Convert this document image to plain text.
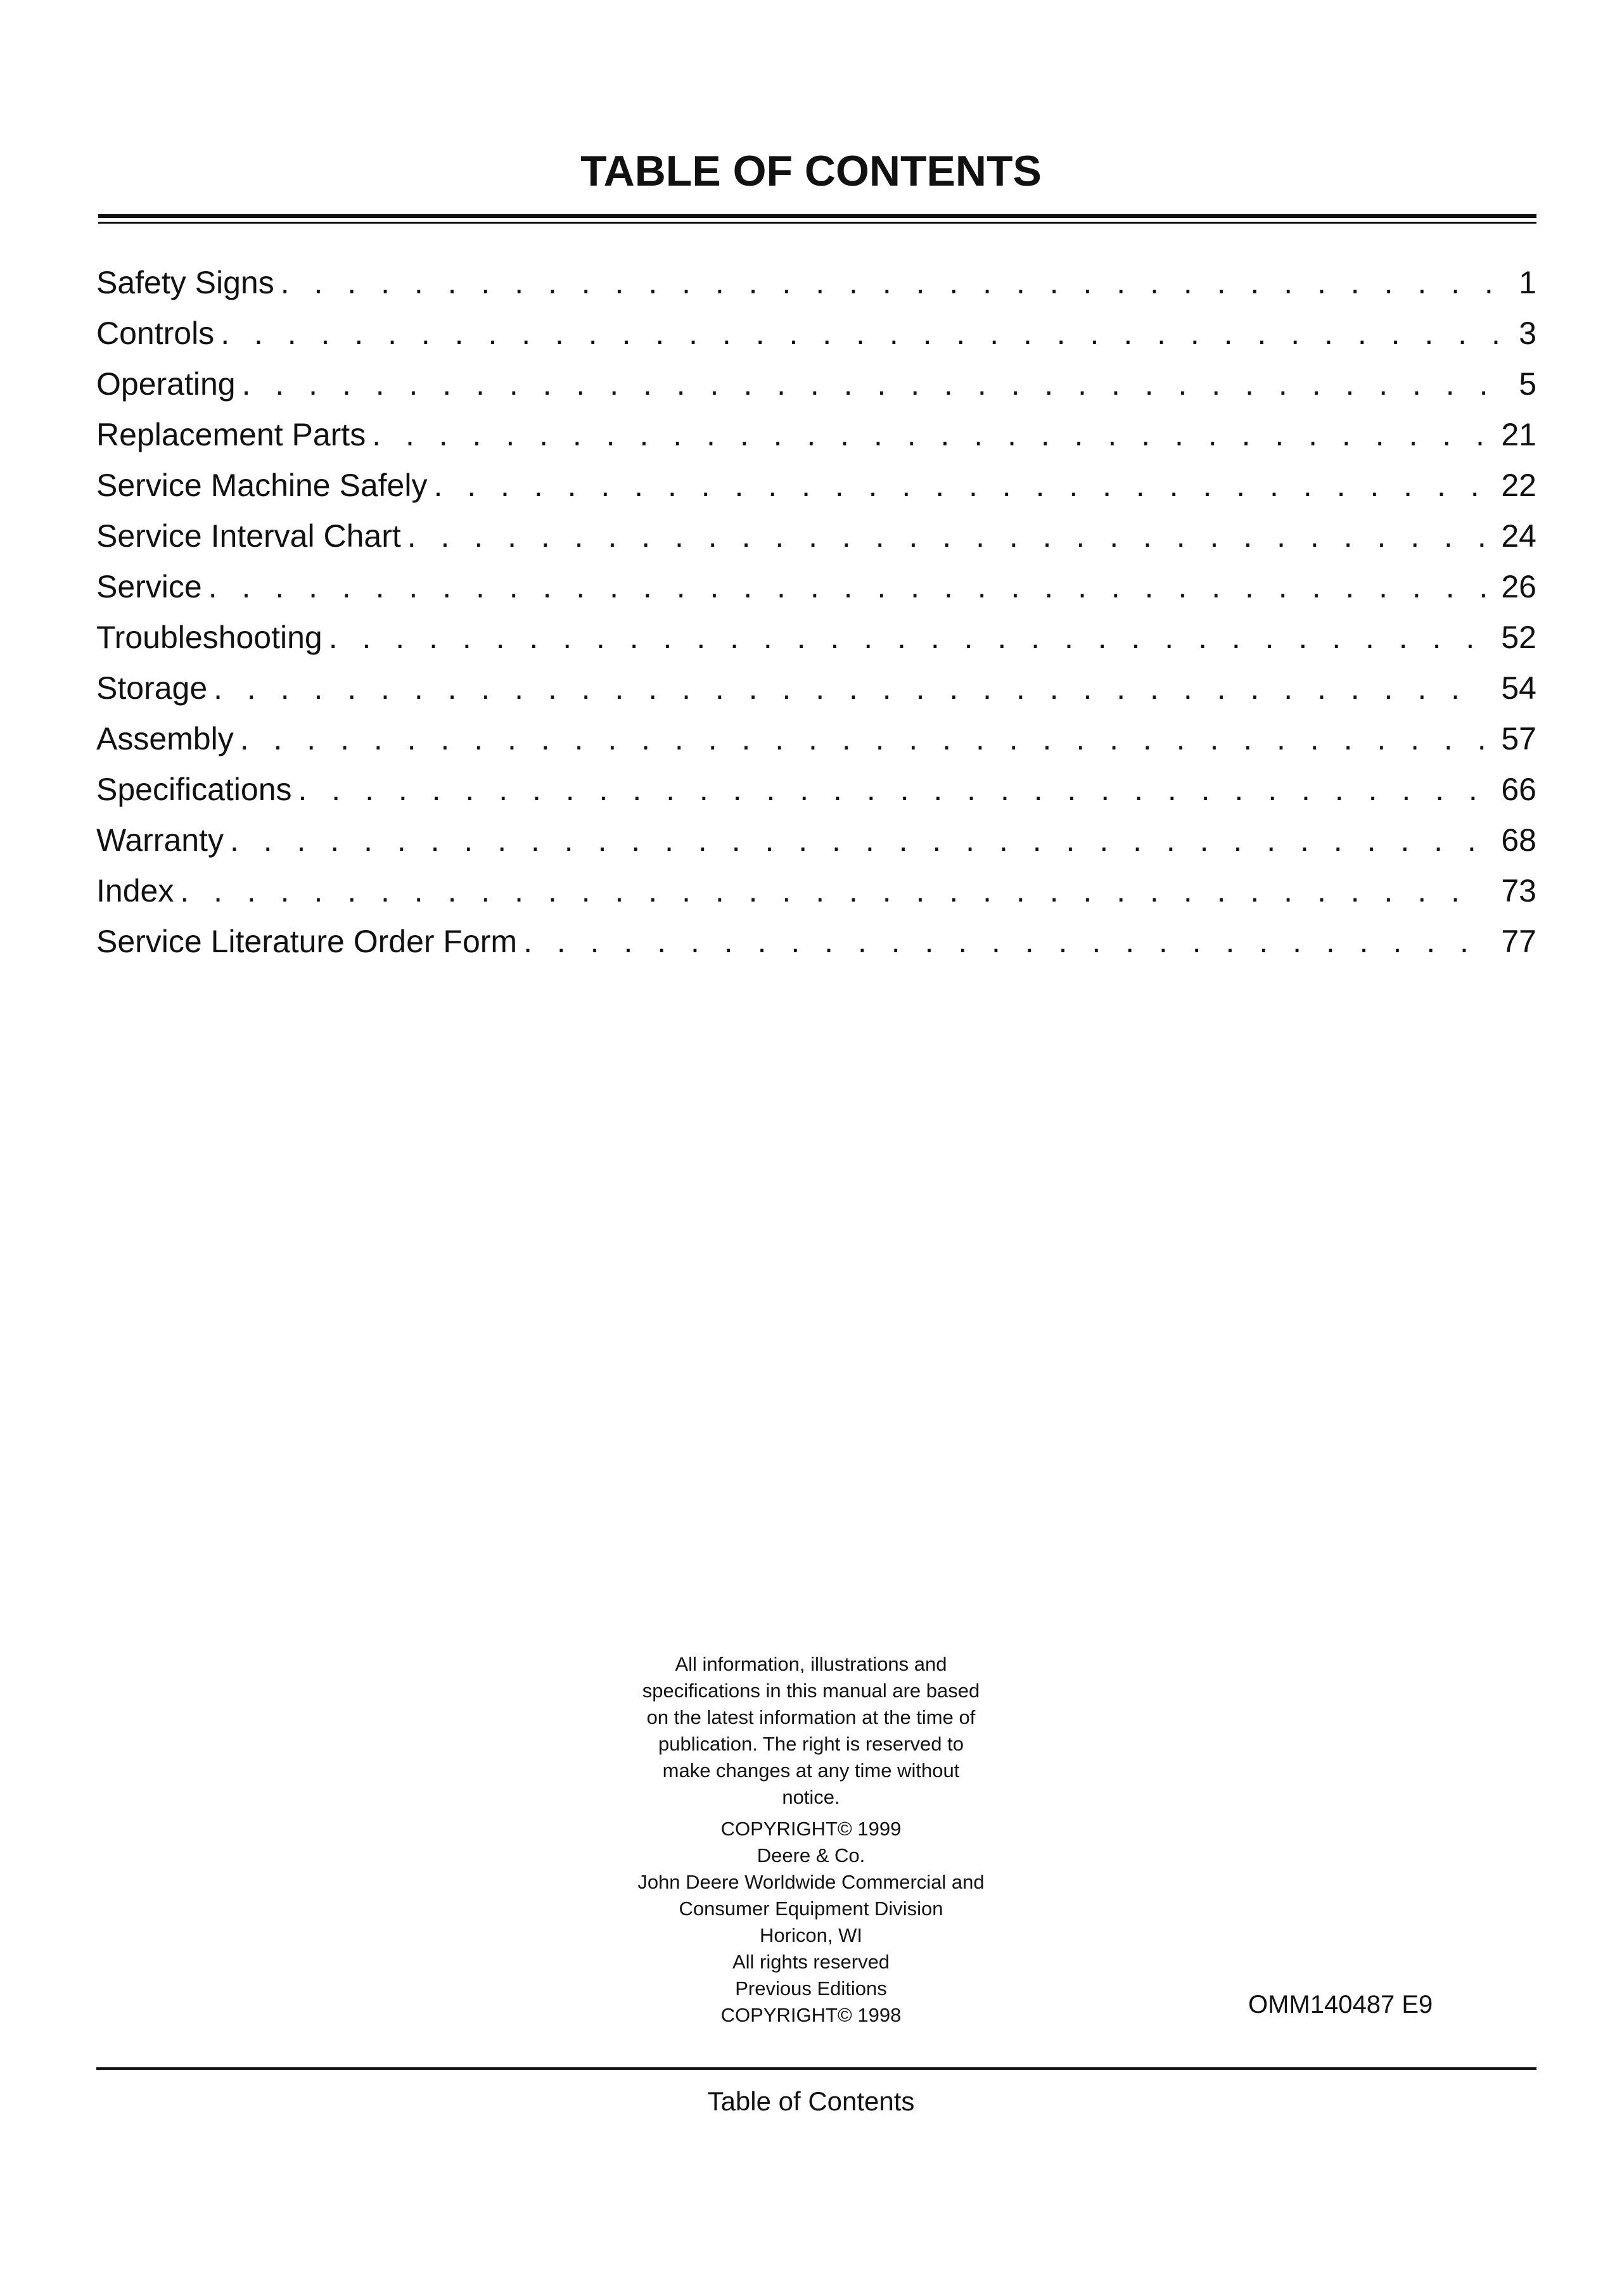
TABLE OF CONTENTS
Safety Signs . . .	1
Controls . . .	3
Operating . . .	5
Replacement Parts . . .	21
Service Machine Safely . . .	22
Service Interval Chart . . .	24
Service . . .	26
Troubleshooting . . .	52
Storage . . .	54
Assembly . . .	57
Specifications . . .	66
Warranty . . .	68
Index . . .	73
Service Literature Order Form . . .	77
All information, illustrations and
specifications in this manual are based
on the latest information at the time of
publication. The right is reserved to
make changes at any time without
notice.
COPYRIGHT© 1999
Deere & Co.
John Deere Worldwide Commercial and
Consumer Equipment Division
Horicon, WI
All rights reserved
Previous Editions
COPYRIGHT© 1998	OMM140487 E9
Table of Contents
